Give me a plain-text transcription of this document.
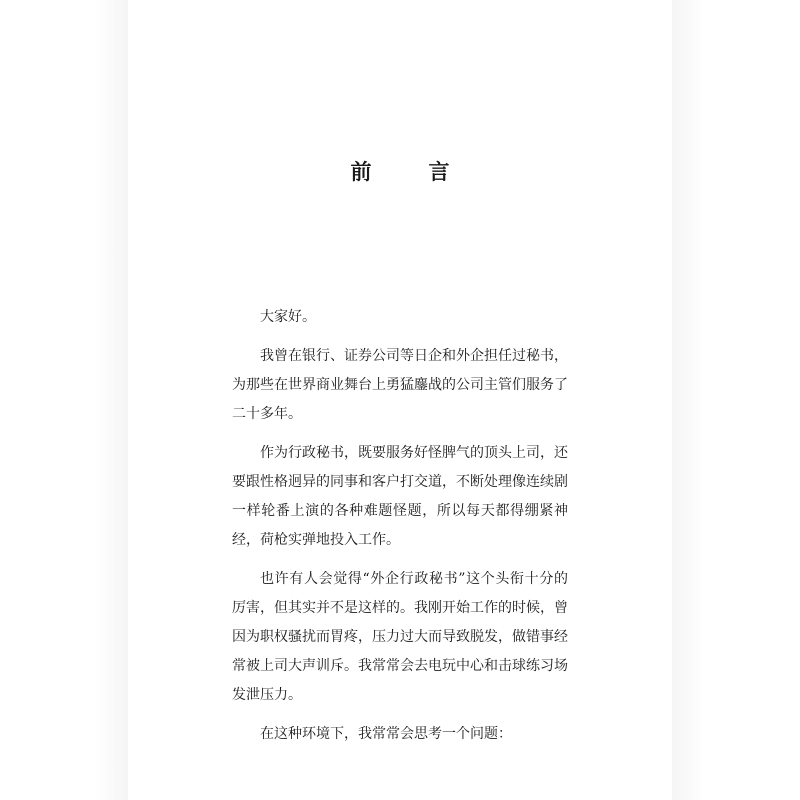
前　言

大家好。

我曾在银行、证券公司等日企和外企担任过秘书，为那些在世界商业舞台上勇猛鏖战的公司主管们服务了二十多年。

作为行政秘书，既要服务好怪脾气的顶头上司，还要跟性格迥异的同事和客户打交道，不断处理像连续剧一样轮番上演的各种难题怪题，所以每天都得绷紧神经，荷枪实弹地投入工作。

也许有人会觉得“外企行政秘书”这个头衔十分的厉害，但其实并不是这样的。我刚开始工作的时候，曾因为职权骚扰而胃疼，压力过大而导致脱发，做错事经常被上司大声训斥。我常常会去电玩中心和击球练习场发泄压力。

在这种环境下，我常常会思考一个问题：
